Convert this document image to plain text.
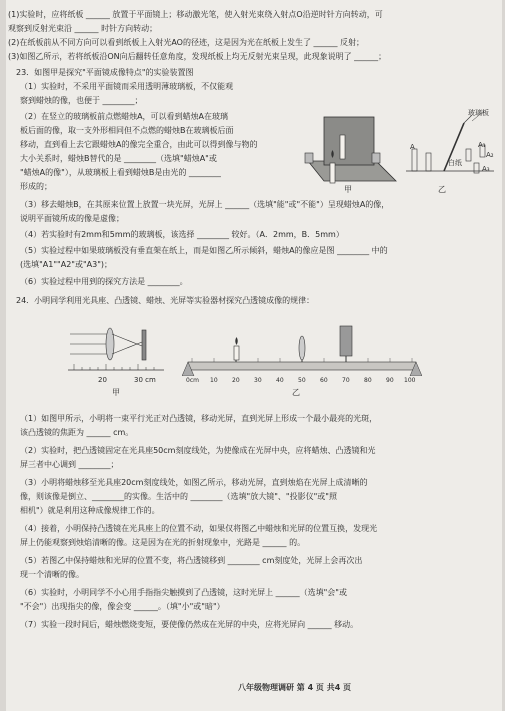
(1)实验时，应将纸板 ______ 放置于平面镜上；移动激光笔，使入射光束绕入射点O沿逆时针方向转动，可
观察到反射光束沿 ______ 时针方向转动；
(2)在纸板前从不同方向可以看到纸板上入射光AO的径迹，这是因为光在纸板上发生了 ______ 反射；
(3)如图乙所示，若将纸板沿ON向后翻转任意角度，发现纸板上均无反射光束呈现，此现象说明了 ______；
23．如图甲是探究"平面镜成像特点"的实验装置图
（1）实验时，不采用平面镜而采用透明薄玻璃板，不仅能观
察到蜡烛的像，也便于 ________；
（2）在竖立的玻璃板前点燃蜡烛A，可以看到蜡烛A在玻璃
板后面的像，取一支外形相同但不点燃的蜡烛B在玻璃板后面
移动，直到看上去它跟蜡烛A的像完全重合，由此可以得到像与物的
大小关系时，蜡烛B替代的是 ________（选填"蜡烛A"或
"蜡烛A的像"），从玻璃板上看到蜡烛B是由光的 ________
形成的；
（3）移去蜡烛B，在其原来位置上放置一块光屏，光屏上 ______（选填"能"或"不能"）呈现蜡烛A的像，
说明平面镜所成的像是虚像；
（4）若实验时有2mm和5mm的玻璃板，该选择 ________ 较好。（A．2mm，B．5mm）
（5）实验过程中如果玻璃板没有垂直架在纸上，而是如图乙所示倾斜，蜡烛A的像应是图 ________ 中的
(选填"A1""A2"或"A3")；
（6）实验过程中用到的探究方法是 ________。
24．小明同学利用光具座、凸透镜、蜡烛、光屏等实验器材探究凸透镜成像的规律：
甲
玻璃板
白纸
A	A₁
A₂
A₃
乙
20	30 cm
甲
0cm 10 20 30 40 50 60 70 80 90 100
乙
（1）如图甲所示，小明将一束平行光正对凸透镜，移动光屏，直到光屏上形成一个最小最亮的光斑，
该凸透镜的焦距为 ______ cm。
（2）实验时，把凸透镜固定在光具座50cm刻度线处，为使像成在光屏中央，应将蜡烛、凸透镜和光
屏三者中心调到 ________；
（3）小明将蜡烛移至光具座20cm刻度线处，如图乙所示，移动光屏，直到烛焰在光屏上成清晰的
像，则该像是倒立、________的实像。生活中的 ________（选填"放大镜"、"投影仪"或"照
相机"）就是利用这种成像规律工作的。
（4）接着，小明保持凸透镜在光具座上的位置不动，如果仅将图乙中蜡烛和光屏的位置互换，发现光
屏上仍能观察到烛焰清晰的像。这是因为在光的折射现象中，光路是 ______ 的。
（5）若图乙中保持蜡烛和光屏的位置不变，将凸透镜移到 ________ cm刻度处，光屏上会再次出
现一个清晰的像。
（6）实验时，小明同学不小心用手指指尖触摸到了凸透镜，这时光屏上 ______（选填"会"或
"不会"）出现指尖的像，像会变 ______。（填"小"或"暗"）
（7）实验一段时间后，蜡烛燃烧变短，要使像仍然成在光屏的中央，应将光屏向 ______ 移动。
八年级物理调研 第 4 页 共4 页
